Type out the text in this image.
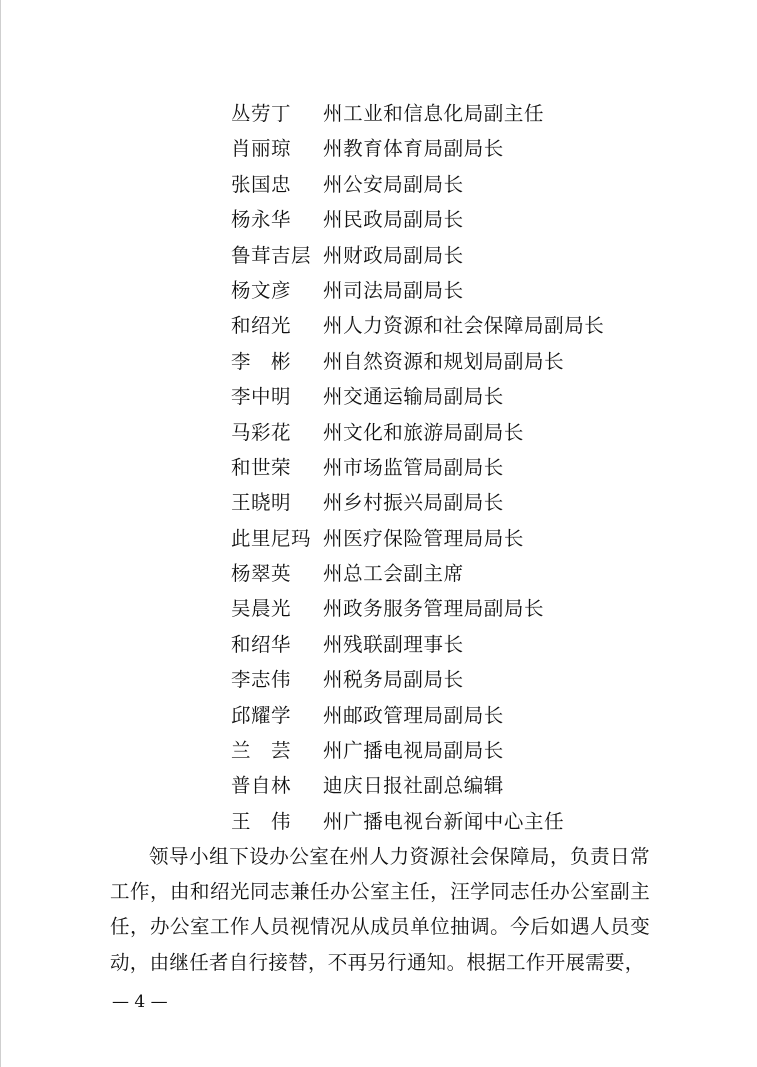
丛劳丁 州工业和信息化局副主任
肖丽琼 州教育体育局副局长
张国忠 州公安局副局长
杨永华 州民政局副局长
鲁茸吉层 州财政局副局长
杨文彦 州司法局副局长
和绍光 州人力资源和社会保障局副局长
李　彬 州自然资源和规划局副局长
李中明 州交通运输局副局长
马彩花 州文化和旅游局副局长
和世荣 州市场监管局副局长
王晓明 州乡村振兴局副局长
此里尼玛 州医疗保险管理局局长
杨翠英 州总工会副主席
吴晨光 州政务服务管理局副局长
和绍华 州残联副理事长
李志伟 州税务局副局长
邱耀学 州邮政管理局副局长
兰　芸 州广播电视局副局长
普自林 迪庆日报社副总编辑
王　伟 州广播电视台新闻中心主任

领导小组下设办公室在州人力资源社会保障局，负责日常工作，由和绍光同志兼任办公室主任，汪学同志任办公室副主任，办公室工作人员视情况从成员单位抽调。今后如遇人员变动，由继任者自行接替，不再另行通知。根据工作开展需要，

— 4 —
